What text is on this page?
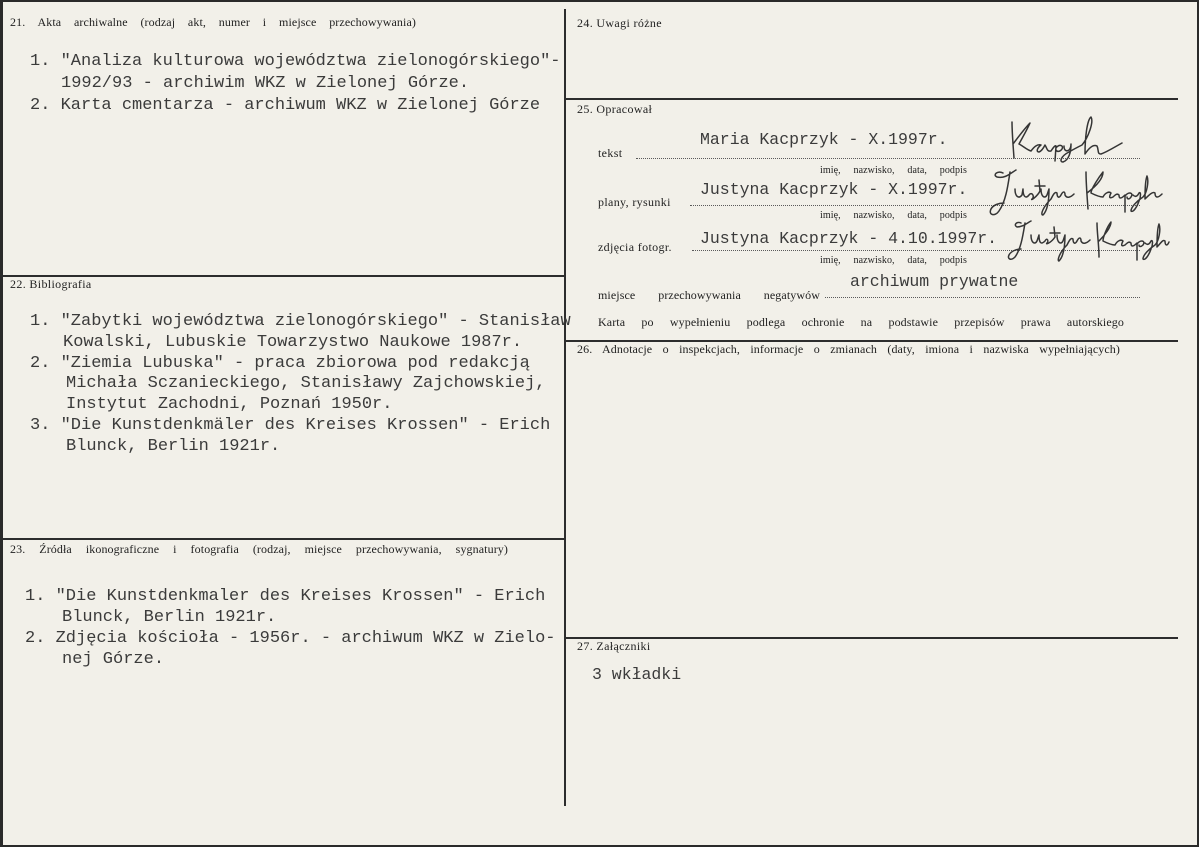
21. Akta archiwalne (rodzaj akt, numer i miejsce przechowywania)
1. "Analiza kulturowa województwa zielonogórskiego"-
1992/93 - archiwim WKZ w Zielonej Górze.
2. Karta cmentarza - archiwum WKZ w Zielonej Górze
22. Bibliografia
1. "Zabytki województwa zielonogórskiego" - Stanisław
Kowalski, Lubuskie Towarzystwo Naukowe 1987r.
2. "Ziemia Lubuska" - praca zbiorowa pod redakcją
Michała Sczanieckiego, Stanisławy Zajchowskiej,
Instytut Zachodni, Poznań 1950r.
3. "Die Kunstdenkmäler des Kreises Krossen" - Erich
Blunck, Berlin 1921r.
23. Źródła ikonograficzne i fotografia (rodzaj, miejsce przechowywania, sygnatury)
1. "Die Kunstdenkmaler des Kreises Krossen" - Erich
Blunck, Berlin 1921r.
2. Zdjęcia kościoła - 1956r. - archiwum WKZ w Zielo-
nej Górze.
24. Uwagi różne
25. Opracował
tekst
Maria Kacprzyk - X.1997r.
imię, nazwisko, data, podpis
plany, rysunki
Justyna Kacprzyk - X.1997r.
imię, nazwisko, data, podpis
zdjęcia fotogr. Justyna Kacprzyk - 4.10.1997r.
imię, nazwisko, data, podpis
miejsce przechowywania negatywów
archiwum prywatne
Karta po wypełnieniu podlega ochronie na podstawie przepisów prawa autorskiego
26. Adnotacje o inspekcjach, informacje o zmianach (daty, imiona i nazwiska wypełniających)
27. Załączniki
3 wkładki
